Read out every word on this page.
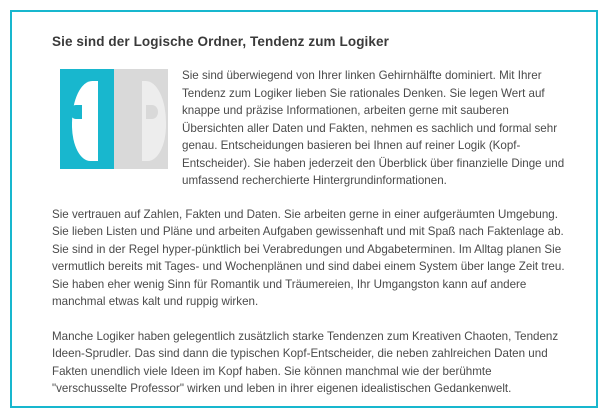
Sie sind der Logische Ordner, Tendenz zum Logiker

Sie sind überwiegend von Ihrer linken Gehirnhälfte dominiert. Mit Ihrer Tendenz zum Logiker lieben Sie rationales Denken. Sie legen Wert auf knappe und präzise Informationen, arbeiten gerne mit sauberen Übersichten aller Daten und Fakten, nehmen es sachlich und formal sehr genau. Entscheidungen basieren bei Ihnen auf reiner Logik (Kopf-Entscheider). Sie haben jederzeit den Überblick über finanzielle Dinge und umfassend recherchierte Hintergrundinformationen.

Sie vertrauen auf Zahlen, Fakten und Daten. Sie arbeiten gerne in einer aufgeräumten Umgebung. Sie lieben Listen und Pläne und arbeiten Aufgaben gewissenhaft und mit Spaß nach Faktenlage ab. Sie sind in der Regel hyper-pünktlich bei Verabredungen und Abgabeterminen. Im Alltag planen Sie vermutlich bereits mit Tages- und Wochenplänen und sind dabei einem System über lange Zeit treu. Sie haben eher wenig Sinn für Romantik und Träumereien, Ihr Umgangston kann auf andere manchmal etwas kalt und ruppig wirken.

Manche Logiker haben gelegentlich zusätzlich starke Tendenzen zum Kreativen Chaoten, Tendenz Ideen-Sprudler. Das sind dann die typischen Kopf-Entscheider, die neben zahlreichen Daten und Fakten unendlich viele Ideen im Kopf haben. Sie können manchmal wie der berühmte "verschusselte Professor" wirken und leben in ihrer eigenen idealistischen Gedankenwelt.
